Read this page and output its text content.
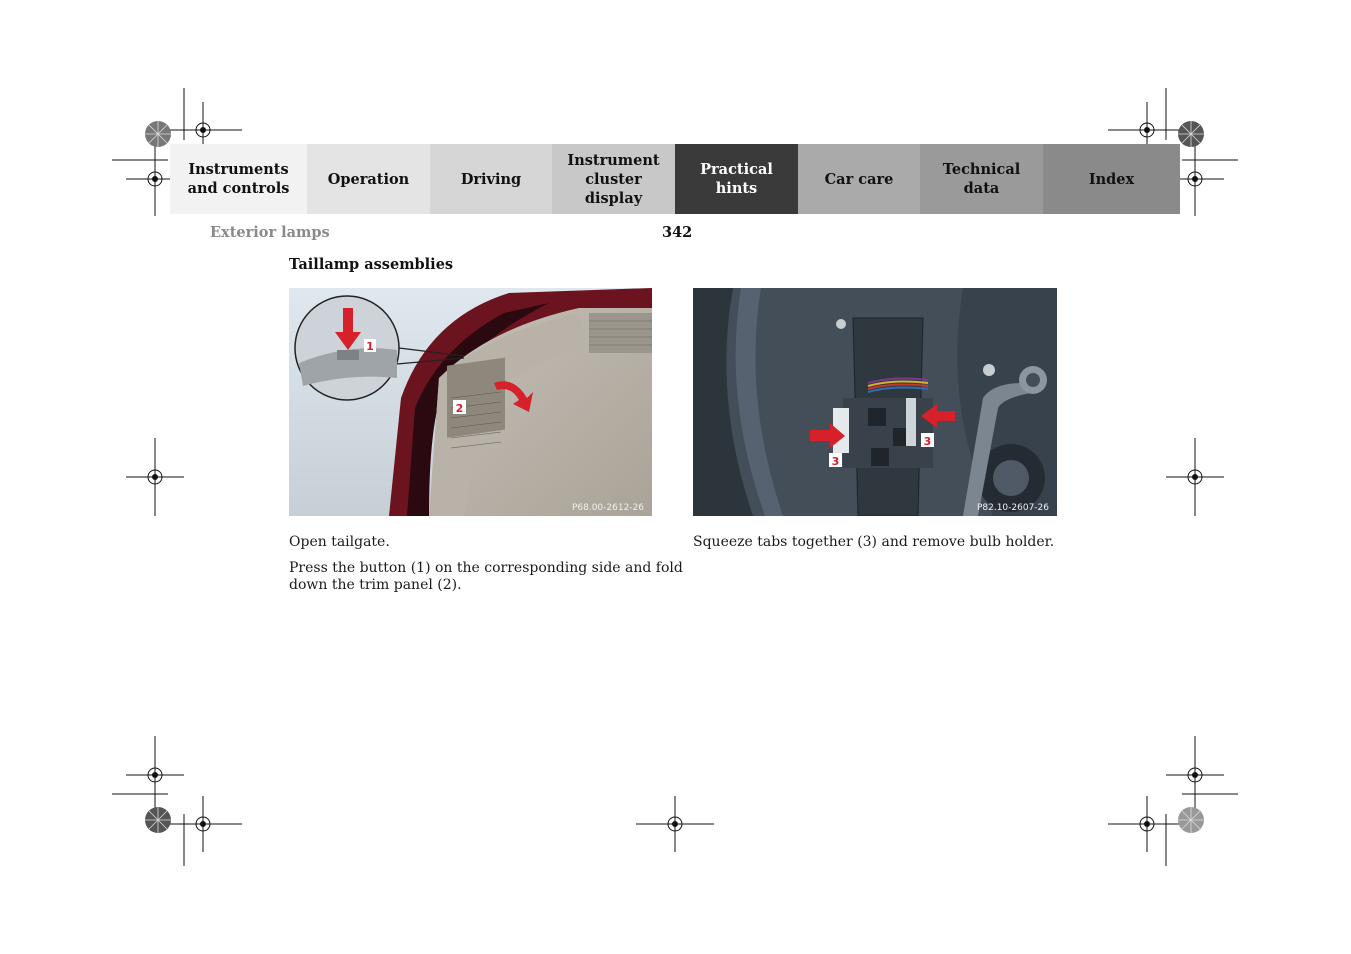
Instruments
and controls
Operation	Driving
Instrument
cluster display
Practical hints
Car care
Technical
data
Index
Exterior lamps	342
Taillamp assemblies
1
2
P68.00-2612-26
3
3
P82.10-2607-26
Open tailgate.
Press the button (1) on the corresponding side and fold
down the trim panel (2).
Squeeze tabs together (3) and remove bulb holder.
